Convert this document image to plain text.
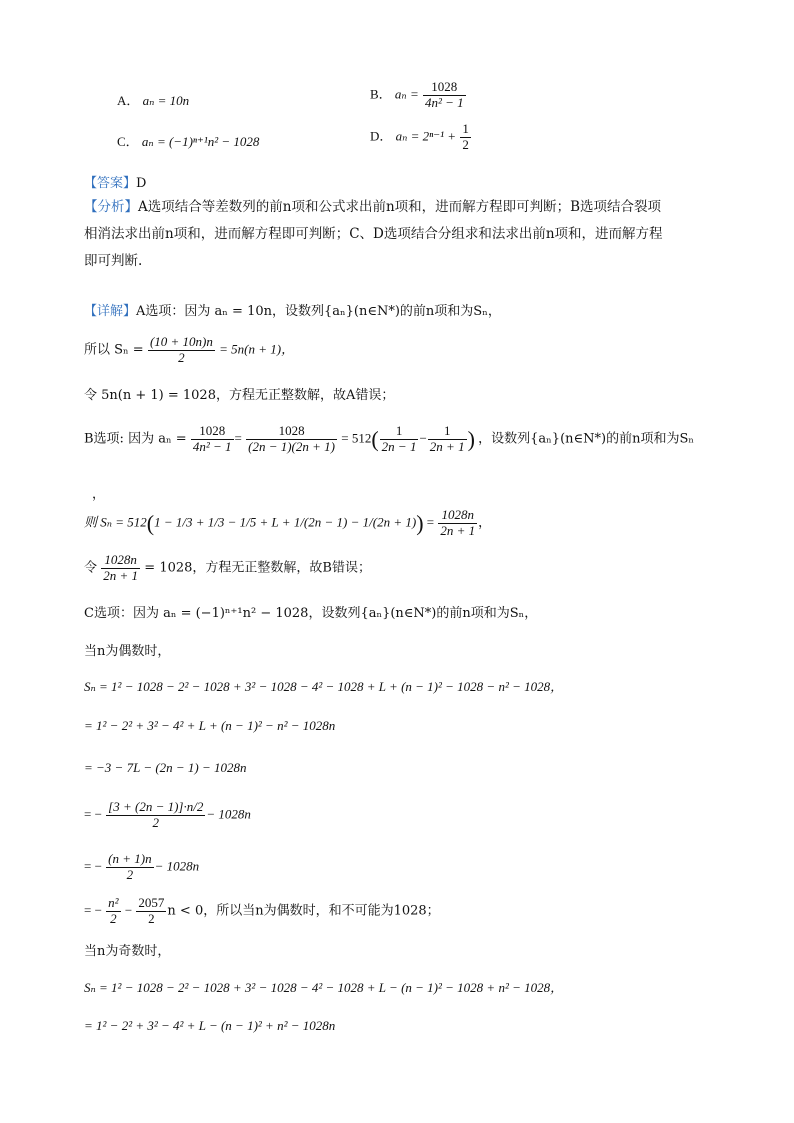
A． aₙ = 10n	B． $a_n = \frac{1028}{\text{4n² − 1}}$
C． aₙ = (−1)ⁿ⁺¹n² − 1028	D． $a_n = 2^{n-1} + \frac{1}{2}$
【答案】D
【分析】A选项结合等差数列的前n项和公式求出前n项和，进而解方程即可判断；B选项结合裂项
相消法求出前n项和，进而解方程即可判断；C、D选项结合分组求和法求出前n项和，进而解方程
即可判断.
【详解】A选项：因为 aₙ = 10n，设数列{aₙ}(n∈N*)的前n项和为Sₙ，
所以 $S_n = \frac{(10 + 10n)n}{2} = 5n(n + 1)$，
令 5n(n + 1) = 1028，方程无正整数解，故A错误；
B选项: 因为 $a_n = \frac{1028}{\text{4n² − 1}} = \frac{1028}{(2n - 1)(2n + 1)} = 512( \frac{1}{2n - 1} - \frac{1}{2n + 1}$ ) ，设数列{aₙ}(n∈N*)的前n项和为Sₙ
，
则 $S_n = 512(1 - 1/3 + 1/3 - 1/5 + L + 1/(2n - 1) - 1/(2n + 1)) = \frac{1028n}{2n + 1}$ ，
令 $\frac{1028n}{2n + 1} = 1028$，方程无正整数解，故B错误；
C选项：因为 aₙ = (−1)ⁿ⁺¹n² − 1028，设数列{aₙ}(n∈N*)的前n项和为Sₙ，
当n为偶数时，
Sₙ = 1² − 1028 − 2² − 1028 + 3² − 1028 − 4² − 1028 + L + (n − 1)² − 1028 − n² − 1028，
= 1² − 2² + 3² − 4² + L + (n − 1)² − n² − 1028n
= −3 − 7L − (2n − 1) − 1028n
= − $\frac{[3 + (2n - 1)]\cdot n/2}{2} - 1028n$
= − $\frac{(n + 1)n}{2} - 1028n$
= − $\frac{\text{n²}}{2} - \frac{2057}{2}$ n < 0，所以当n为偶数时，和不可能为1028；
当n为奇数时，
Sₙ = 1² − 1028 − 2² − 1028 + 3² − 1028 − 4² − 1028 + L − (n − 1)² − 1028 + n² − 1028，
= 1² − 2² + 3² − 4² + L − (n − 1)² + n² − 1028n
